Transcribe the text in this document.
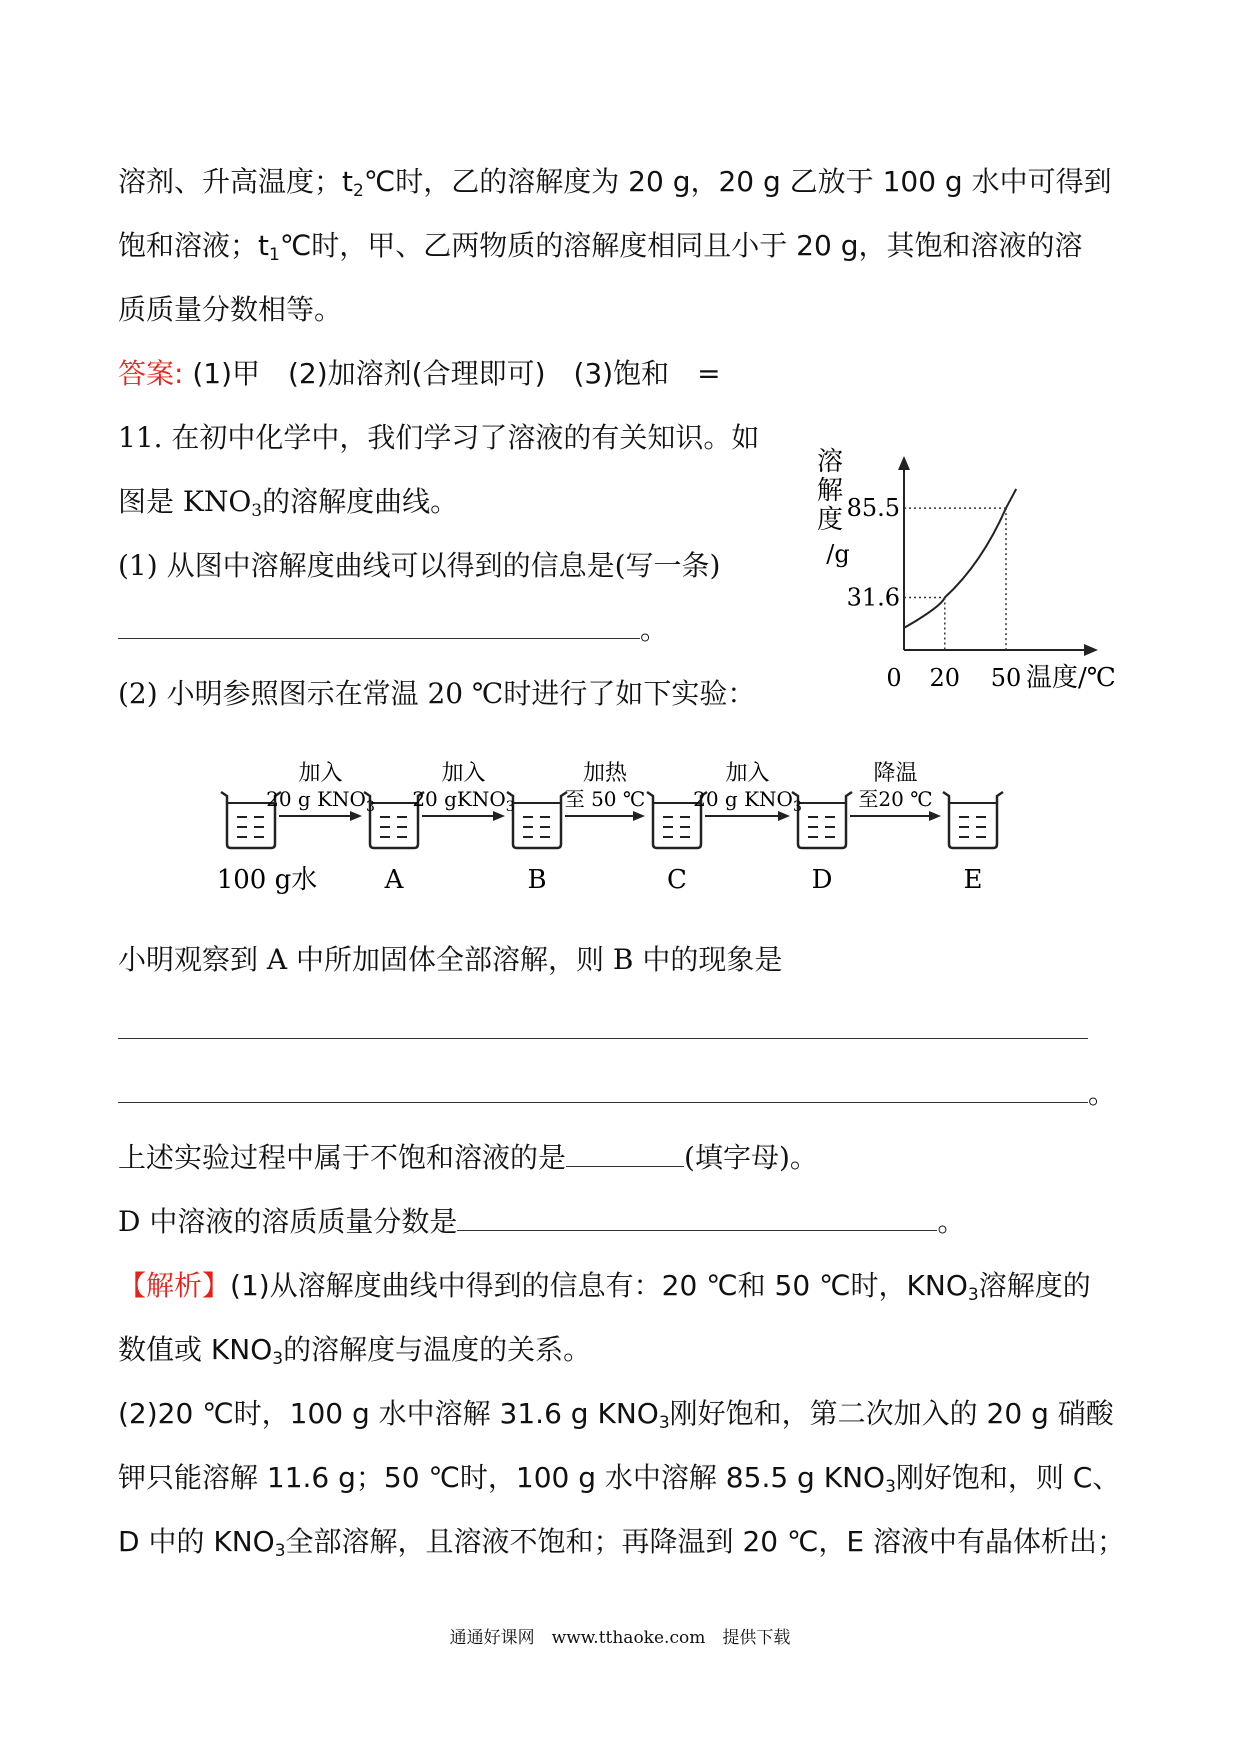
溶剂、升高温度；$t_2℃$时，乙的溶解度为 20 g，20 g 乙放于 100 g 水中可得到
饱和溶液；$t_1℃$时，甲、乙两物质的溶解度相同且小于 20 g，其饱和溶液的溶
质质量分数相等。
答案: (1)甲　(2)加溶剂(合理即可)　(3)饱和　=
11. 在初中化学中，我们学习了溶液的有关知识。如
图是 $KNO_3$的溶解度曲线。
(1) 从图中溶解度曲线可以得到的信息是(写一条)
。
(2) 小明参照图示在常温 20 ℃时进行了如下实验：
溶
解
度
/g
31.6
85.5
0 20 50 温度/℃
加入
20 g $KNO_3$
加入
20 gKNO$_3$
加热
至 50 ℃
加入
20 g $KNO_3$
降温
至20 ℃
100 g水	A	B	C	D	E
小明观察到 A 中所加固体全部溶解，则 B 中的现象是
。
上述实验过程中属于不饱和溶液的是	(填字母)。
D 中溶液的溶质质量分数是	。
【解析】(1)从溶解度曲线中得到的信息有：20 ℃和 50 ℃时，$KNO_3$溶解度的
数值或 $KNO_3$的溶解度与温度的关系。
(2)20 ℃时，100 g 水中溶解 31.6 g $KNO_3$刚好饱和，第二次加入的 20 g 硝酸
钾只能溶解 11.6 g；50 ℃时，100 g 水中溶解 85.5 g $KNO_3$刚好饱和，则 C、
D 中的 $KNO_3$全部溶解，且溶液不饱和；再降温到 20 ℃，E 溶液中有晶体析出；
通通好课网　www.tthaoke.com　提供下载
